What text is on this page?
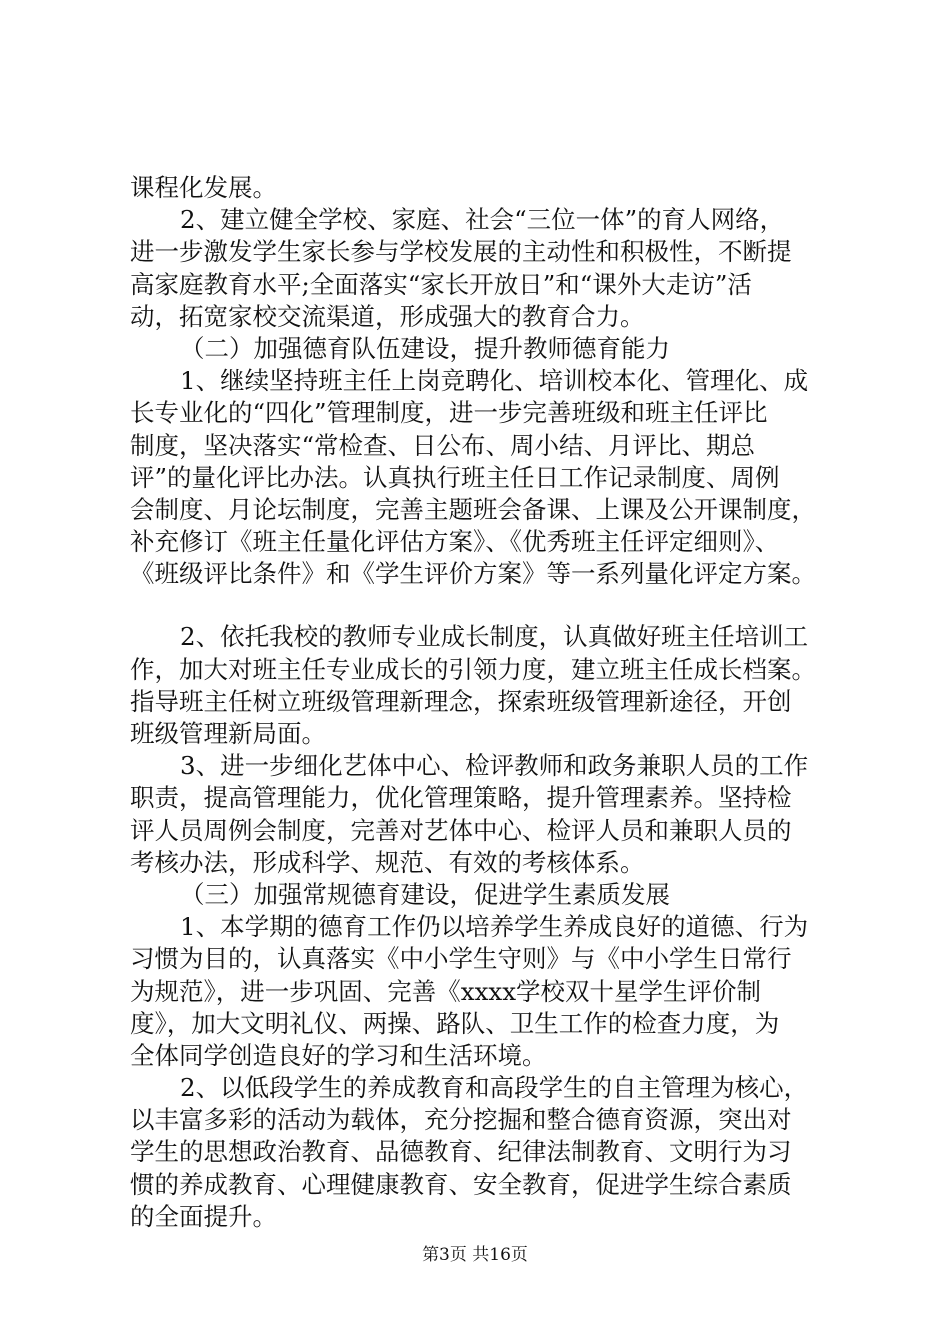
课程化发展。
2、建立健全学校、家庭、社会“三位一体”的育人网络，
进一步激发学生家长参与学校发展的主动性和积极性，不断提
高家庭教育水平;全面落实“家长开放日”和“课外大走访”活
动，拓宽家校交流渠道，形成强大的教育合力。
（二）加强德育队伍建设，提升教师德育能力
1、继续坚持班主任上岗竞聘化、培训校本化、管理化、成
长专业化的“四化”管理制度，进一步完善班级和班主任评比
制度，坚决落实“常检查、日公布、周小结、月评比、期总
评”的量化评比办法。认真执行班主任日工作记录制度、周例
会制度、月论坛制度，完善主题班会备课、上课及公开课制度，
补充修订《班主任量化评估方案》、《优秀班主任评定细则》、
《班级评比条件》和《学生评价方案》等一系列量化评定方案。
2、依托我校的教师专业成长制度，认真做好班主任培训工
作，加大对班主任专业成长的引领力度，建立班主任成长档案。
指导班主任树立班级管理新理念，探索班级管理新途径，开创
班级管理新局面。
3、进一步细化艺体中心、检评教师和政务兼职人员的工作
职责，提高管理能力，优化管理策略，提升管理素养。坚持检
评人员周例会制度，完善对艺体中心、检评人员和兼职人员的
考核办法，形成科学、规范、有效的考核体系。
（三）加强常规德育建设，促进学生素质发展
1、本学期的德育工作仍以培养学生养成良好的道德、行为
习惯为目的，认真落实《中小学生守则》与《中小学生日常行
为规范》，进一步巩固、完善《xxxx学校双十星学生评价制
度》，加大文明礼仪、两操、路队、卫生工作的检查力度，为
全体同学创造良好的学习和生活环境。
2、以低段学生的养成教育和高段学生的自主管理为核心，
以丰富多彩的活动为载体，充分挖掘和整合德育资源，突出对
学生的思想政治教育、品德教育、纪律法制教育、文明行为习
惯的养成教育、心理健康教育、安全教育，促进学生综合素质
的全面提升。
第3页 共16页
